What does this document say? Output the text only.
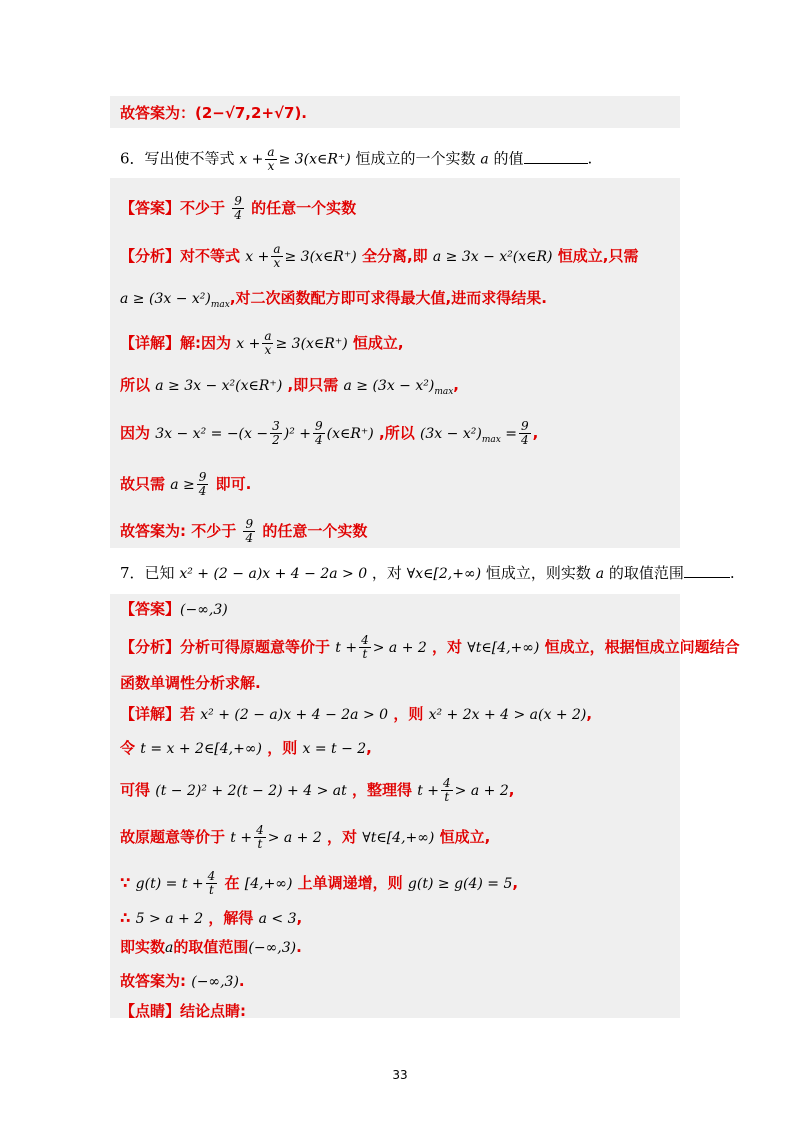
故答案为：(2−√7,2+√7).
6．写出使不等式 $x + \frac{a}{x}$ ≥ 3(x∈R⁺) 恒成立的一个实数 a 的值	.
【答案】不少于 $\frac{9}{4}$ 的任意一个实数
【分析】对不等式 $x + \frac{a}{x}$ ≥ 3(x∈R⁺) 全分离,即 a ≥ 3x − x²(x∈R) 恒成立,只需
$a \ge (3x - x^2)_{max}$,对二次函数配方即可求得最大值,进而求得结果.
【详解】解:因为 $x + \frac{a}{x}$ ≥ 3(x∈R⁺) 恒成立,
所以 a ≥ 3x − x²(x∈R⁺) ,即只需 $a \ge (3x - x^2)_{max}$,
因为 $3x - x^2 = -(x - \frac{3}{2} )^2 + \frac{9}{4}$ (x∈R⁺) ,所以 $(3x - x^2)_{max} = \frac{9}{4}$ ,
故只需 $a \ge \frac{9}{4}$ 即可.
故答案为: 不少于 $\frac{9}{4}$ 的任意一个实数
7．已知 x² + (2 − a)x + 4 − 2a > 0 ，对 ∀x∈[2,+∞) 恒成立，则实数 a 的取值范围	.
【答案】(−∞,3)
【分析】分析可得原题意等价于 $t + \frac{4}{t} > a + 2$ ，对 ∀t∈[4,+∞) 恒成立，根据恒成立问题结合
函数单调性分析求解.
【详解】若 x² + (2 − a)x + 4 − 2a > 0 ，则 x² + 2x + 4 > a(x + 2),
令 t = x + 2∈[4,+∞) ，则 x = t − 2,
可得 (t − 2)² + 2(t − 2) + 4 > at ，整理得 $t + \frac{4}{t} > a + 2$,
故原题意等价于 $t + \frac{4}{t} > a + 2$ ，对 ∀t∈[4,+∞) 恒成立,
∵ $g(t) = t + \frac{4}{t}$ 在 [4,+∞) 上单调递增，则 g(t) ≥ g(4) = 5,
∴ 5 > a + 2 ，解得 a < 3,
即实数a的取值范围(−∞,3).
故答案为: (−∞,3).
【点睛】结论点睛:
33
